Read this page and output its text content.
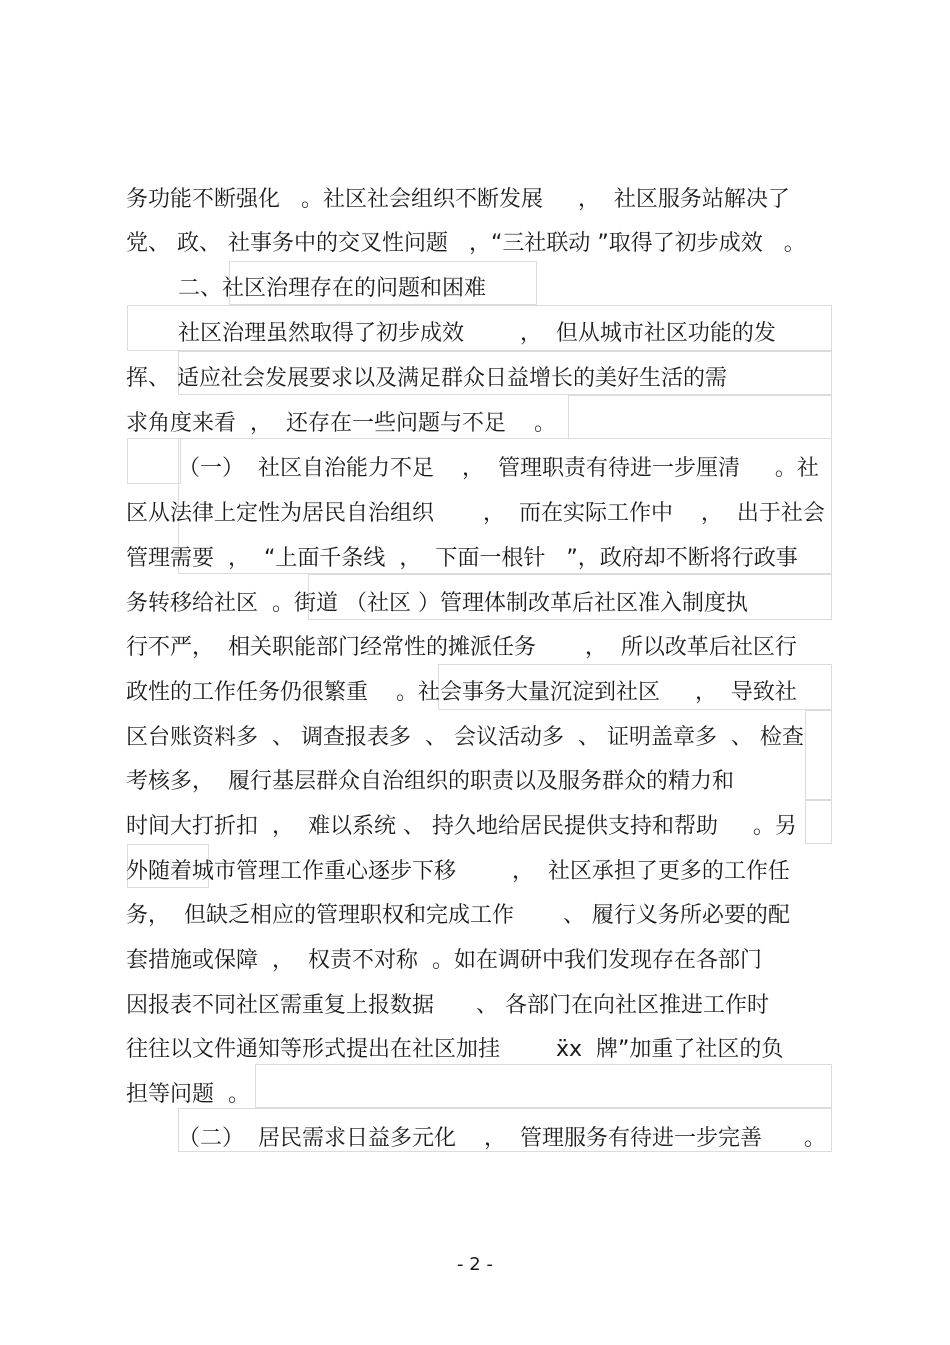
务功能不断强化   。社区社会组织不断发展     ，  社区服务站解决了
党、 政、 社事务中的交叉性问题   ，“三社联动 ”取得了初步成效   。
二、社区治理存在的问题和困难
社区治理虽然取得了初步成效        ，  但从城市社区功能的发
挥、 适应社会发展要求以及满足群众日益增长的美好生活的需
求角度来看  ，  还存在一些问题与不足    。
（一）  社区自治能力不足    ，  管理职责有待进一步厘清     。社
区从法律上定性为居民自治组织       ，  而在实际工作中    ，  出于社会
管理需要  ，  “上面千条线  ，  下面一根针   ”，政府却不断将行政事
务转移给社区  。街道 （社区 ）管理体制改革后社区准入制度执
行不严，  相关职能部门经常性的摊派任务       ，  所以改革后社区行
政性的工作任务仍很繁重    。社会事务大量沉淀到社区     ，  导致社
区台账资料多  、 调查报表多  、 会议活动多  、 证明盖章多  、 检查
考核多，  履行基层群众自治组织的职责以及服务群众的精力和
时间大打折扣  ，  难以系统 、 持久地给居民提供支持和帮助     。另
外随着城市管理工作重心逐步下移        ，  社区承担了更多的工作任
务，  但缺乏相应的管理职权和完成工作       、 履行义务所必要的配
套措施或保障  ，  权责不对称  。如在调研中我们发现存在各部门
因报表不同社区需重复上报数据      、 各部门在向社区推进工作时
往往以文件通知等形式提出在社区加挂        ẍx  牌”加重了社区的负
担等问题  。
（二）  居民需求日益多元化    ，  管理服务有待进一步完善      。
- 2 -
